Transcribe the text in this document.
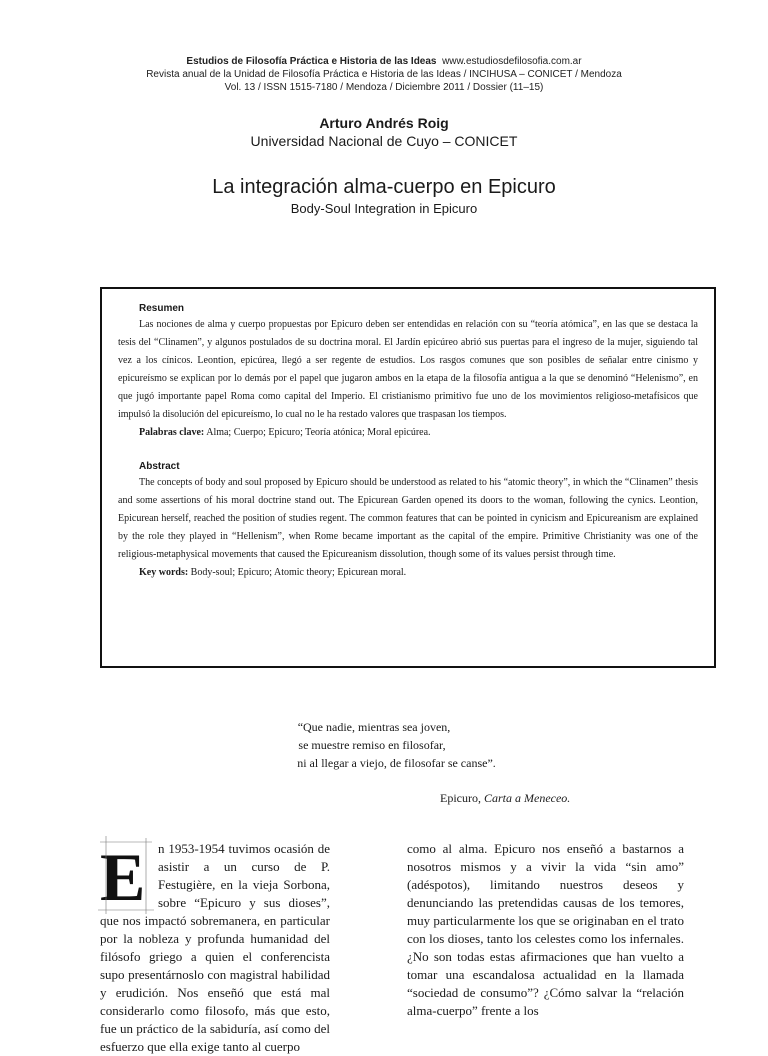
Estudios de Filosofía Práctica e Historia de las Ideas www.estudiosdefilosofia.com.ar
Revista anual de la Unidad de Filosofía Práctica e Historia de las Ideas / INCIHUSA – CONICET / Mendoza
Vol. 13 / ISSN 1515-7180 / Mendoza / Diciembre 2011 / Dossier (11–15)
Arturo Andrés Roig
Universidad Nacional de Cuyo – CONICET
La integración alma-cuerpo en Epicuro
Body-Soul Integration in Epicuro
Resumen

Las nociones de alma y cuerpo propuestas por Epicuro deben ser entendidas en relación con su “teoría atómica”, en las que se destaca la tesis del “Clinamen”, y algunos postulados de su doctrina moral. El Jardín epicúreo abrió sus puertas para el ingreso de la mujer, siguiendo tal vez a los cínicos. Leontion, epicúrea, llegó a ser regente de estudios. Los rasgos comunes que son posibles de señalar entre cinismo y epicureísmo se explican por lo demás por el papel que jugaron ambos en la etapa de la filosofía antigua a la que se denominó “Helenismo”, en que jugó importante papel Roma como capital del Imperio. El cristianismo primitivo fue uno de los movimientos religioso-metafísicos que impulsó la disolución del epicureísmo, lo cual no le ha restado valores que traspasan los tiempos.

Palabras clave: Alma; Cuerpo; Epicuro; Teoría atónica; Moral epicúrea.
Abstract

The concepts of body and soul proposed by Epicuro should be understood as related to his “atomic theory”, in which the “Clinamen” thesis and some assertions of his moral doctrine stand out. The Epicurean Garden opened its doors to the woman, following the cynics. Leontion, Epicurean herself, reached the position of studies regent. The common features that can be pointed in cynicism and Epicureanism are explained by the role they played in “Hellenism”, when Rome became important as the capital of the empire. Primitive Christianity was one of the religious-metaphysical movements that caused the Epicureanism dissolution, though some of its values persist through time.

Key words: Body-soul; Epicuro; Atomic theory; Epicurean moral.
“Que nadie, mientras sea joven,
se muestre remiso en filosofar,
ni al llegar a viejo, de filosofar se canse”.
Epicuro, Carta a Meneceo.
E n 1953-1954 tuvimos ocasión de asistir a un curso de P. Festugière, en la vieja Sorbona, sobre “Epicuro y sus dioses”, que nos impactó sobremanera, en particular por la nobleza y profunda humanidad del filósofo griego a quien el conferencista supo presentárnoslo con magistral habilidad y erudición. Nos enseñó que está mal considerarlo como filosofo, más que esto, fue un práctico de la sabiduría, así como del esfuerzo que ella exige tanto al cuerpo
como al alma. Epicuro nos enseñó a bastarnos a nosotros mismos y a vivir la vida “sin amo” (adéspotos), limitando nuestros deseos y denunciando las pretendidas causas de los temores, muy particularmente los que se originaban en el trato con los dioses, tanto los celestes como los infernales. ¿No son todas estas afirmaciones que han vuelto a tomar una escandalosa actualidad en la llamada “sociedad de consumo”? ¿Cómo salvar la “relación alma-cuerpo” frente a los
